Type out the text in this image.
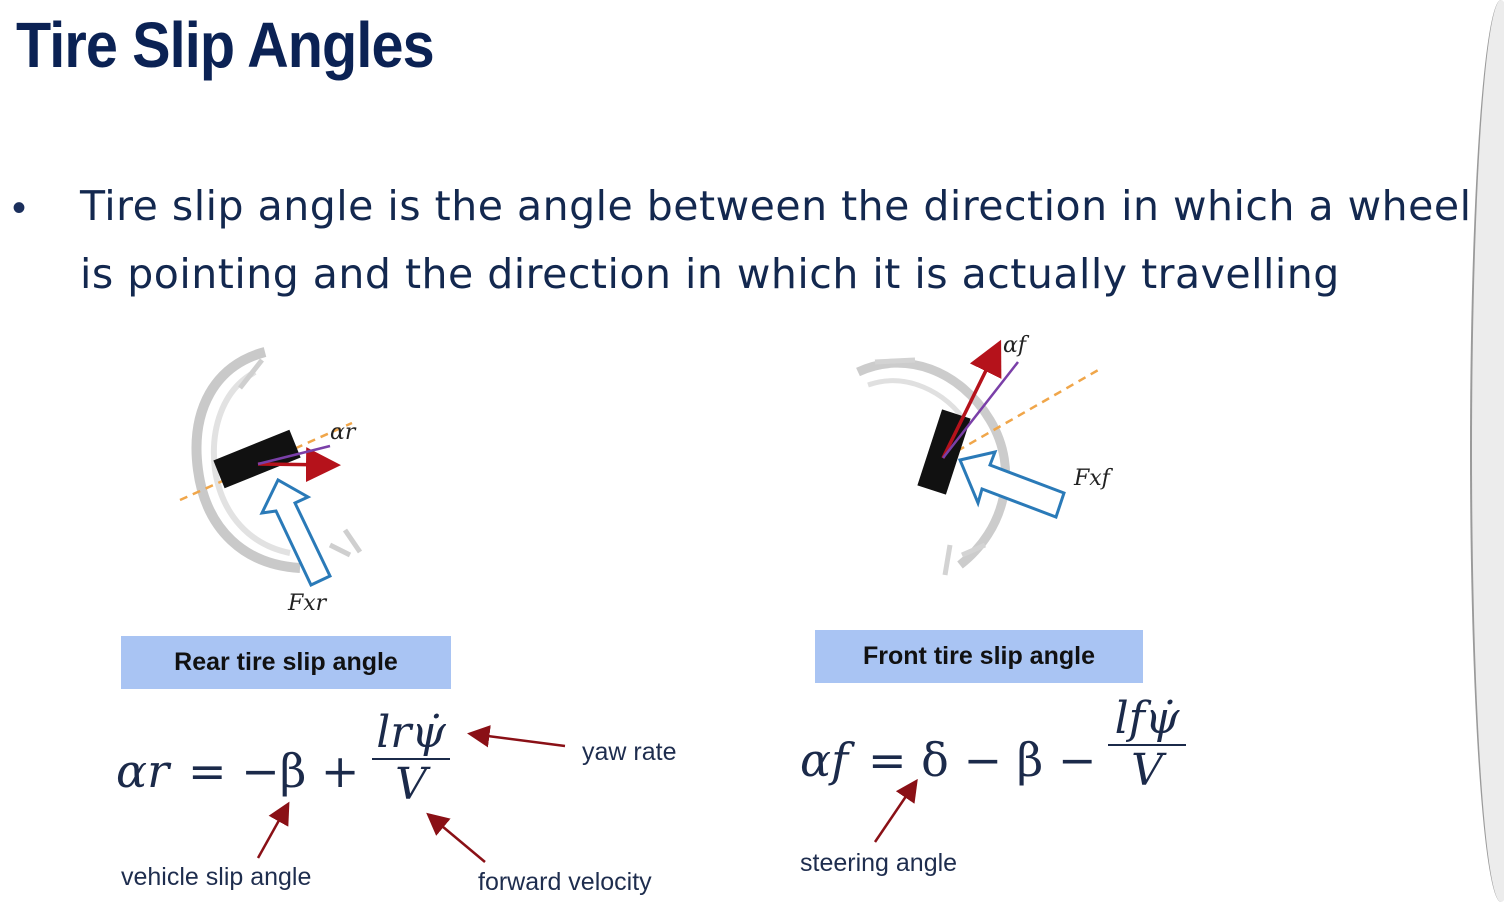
Tire Slip Angles
• Tire slip angle is the angle between the direction in which a wheel
is pointing and the direction in which it is actually travelling
αr
Fxr
αf
Fxf
Rear tire slip angle	Front tire slip angle
αr = −β +
lrψ̇
V	αf = δ − β −
lfψ̇
V
yaw rate
vehicle slip angle	forward velocity
steering angle
